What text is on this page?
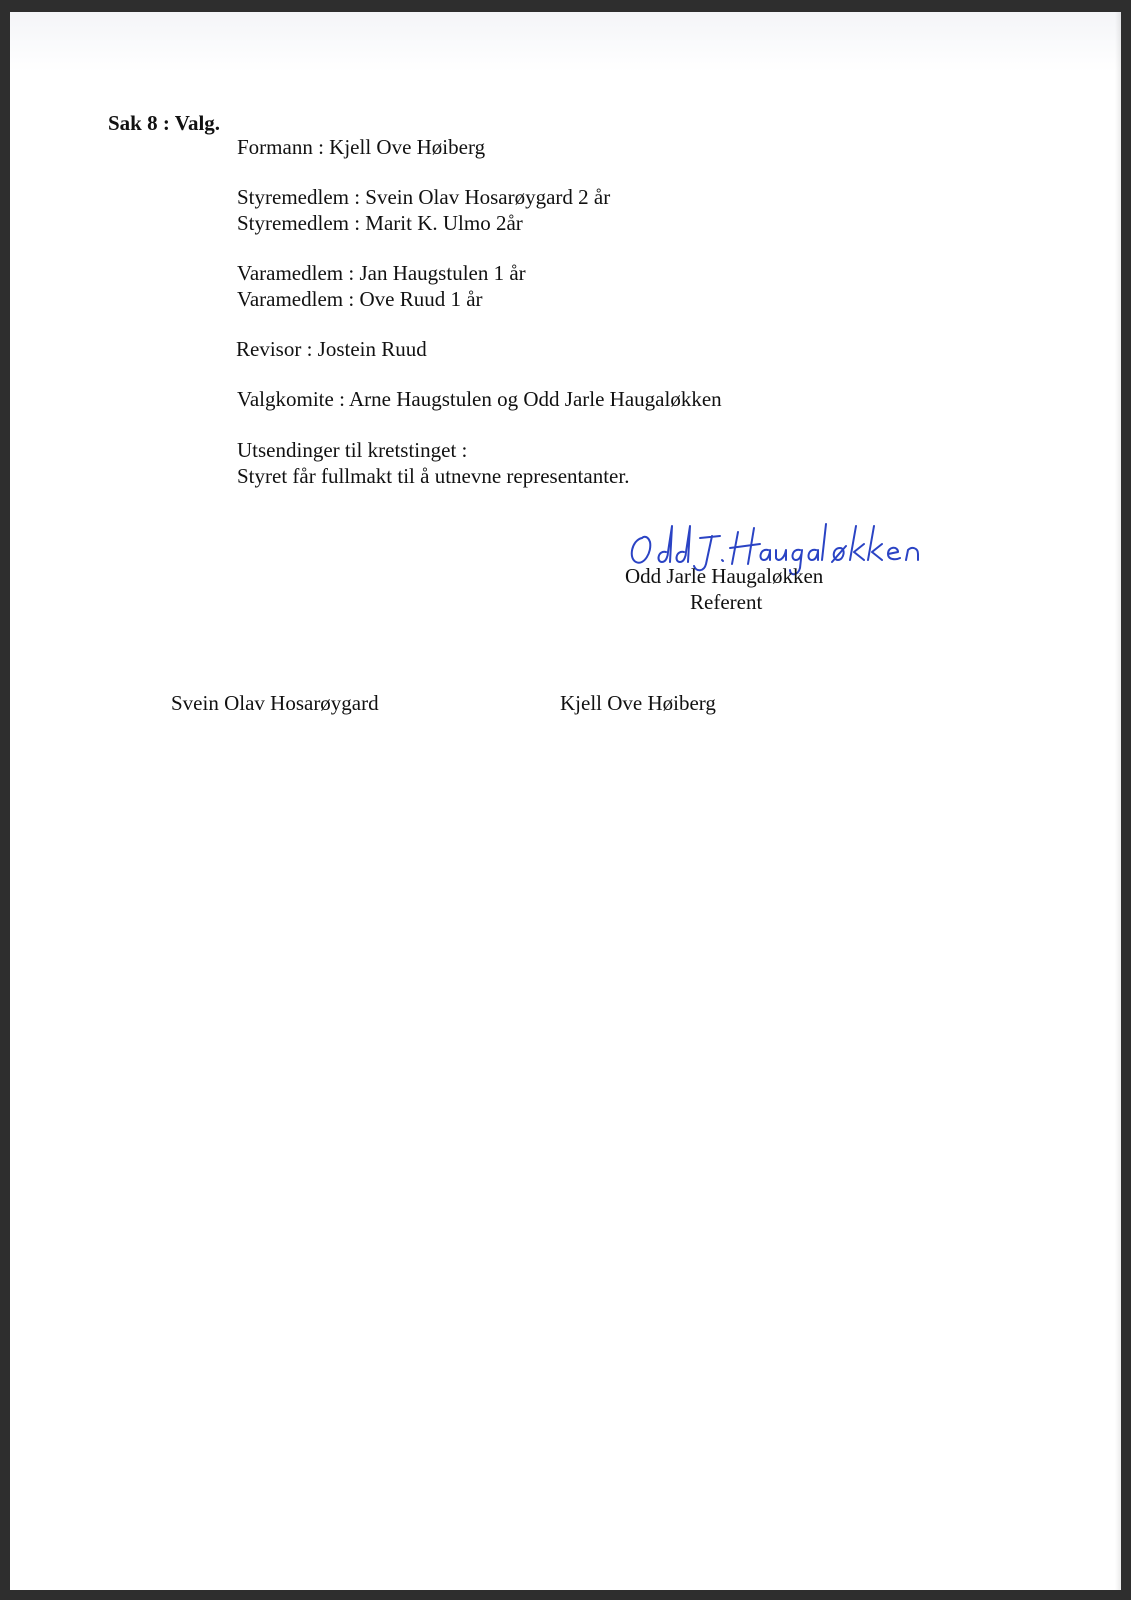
Sak 8 : Valg.
Formann : Kjell Ove Høiberg
Styremedlem : Svein Olav Hosarøygard 2 år
Styremedlem : Marit K. Ulmo 2år
Varamedlem : Jan Haugstulen 1 år
Varamedlem : Ove Ruud 1 år
Revisor : Jostein Ruud
Valgkomite : Arne Haugstulen og Odd Jarle Haugaløkken
Utsendinger til kretstinget :
Styret får fullmakt til å utnevne representanter.
Odd Jarle Haugaløkken
Referent
Svein Olav Hosarøygard	Kjell Ove Høiberg
